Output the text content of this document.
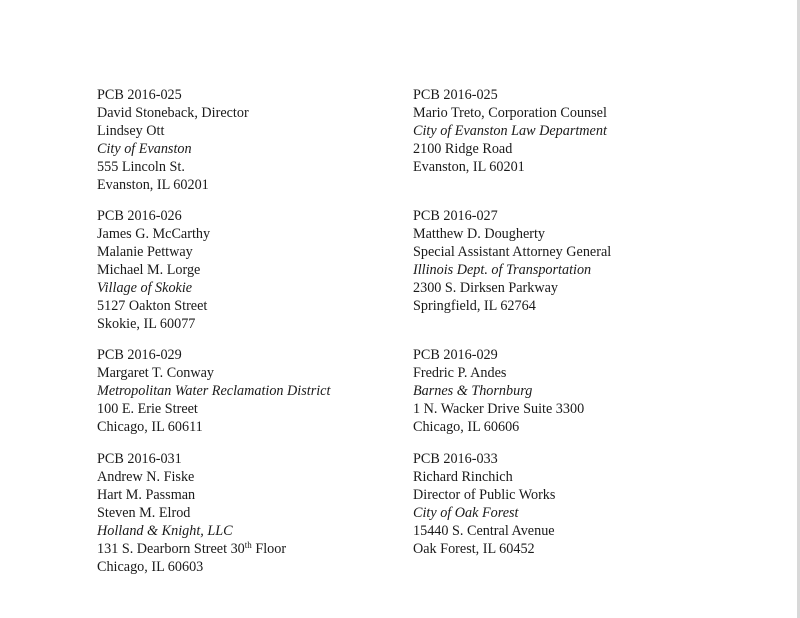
PCB 2016-025
David Stoneback, Director
Lindsey Ott
City of Evanston
555 Lincoln St.
Evanston, IL 60201
PCB 2016-025
Mario Treto, Corporation Counsel
City of Evanston Law Department
2100 Ridge Road
Evanston, IL 60201
PCB 2016-026
James G. McCarthy
Malanie Pettway
Michael M. Lorge
Village of Skokie
5127 Oakton Street
Skokie, IL 60077
PCB 2016-027
Matthew D. Dougherty
Special Assistant Attorney General
Illinois Dept. of Transportation
2300 S. Dirksen Parkway
Springfield, IL 62764
PCB 2016-029
Margaret T. Conway
Metropolitan Water Reclamation District
100 E. Erie Street
Chicago, IL 60611
PCB 2016-029
Fredric P. Andes
Barnes & Thornburg
1 N. Wacker Drive Suite 3300
Chicago, IL 60606
PCB 2016-031
Andrew N. Fiske
Hart M. Passman
Steven M. Elrod
Holland & Knight, LLC
131 S. Dearborn Street 30th Floor
Chicago, IL 60603
PCB 2016-033
Richard Rinchich
Director of Public Works
City of Oak Forest
15440 S. Central Avenue
Oak Forest, IL 60452
